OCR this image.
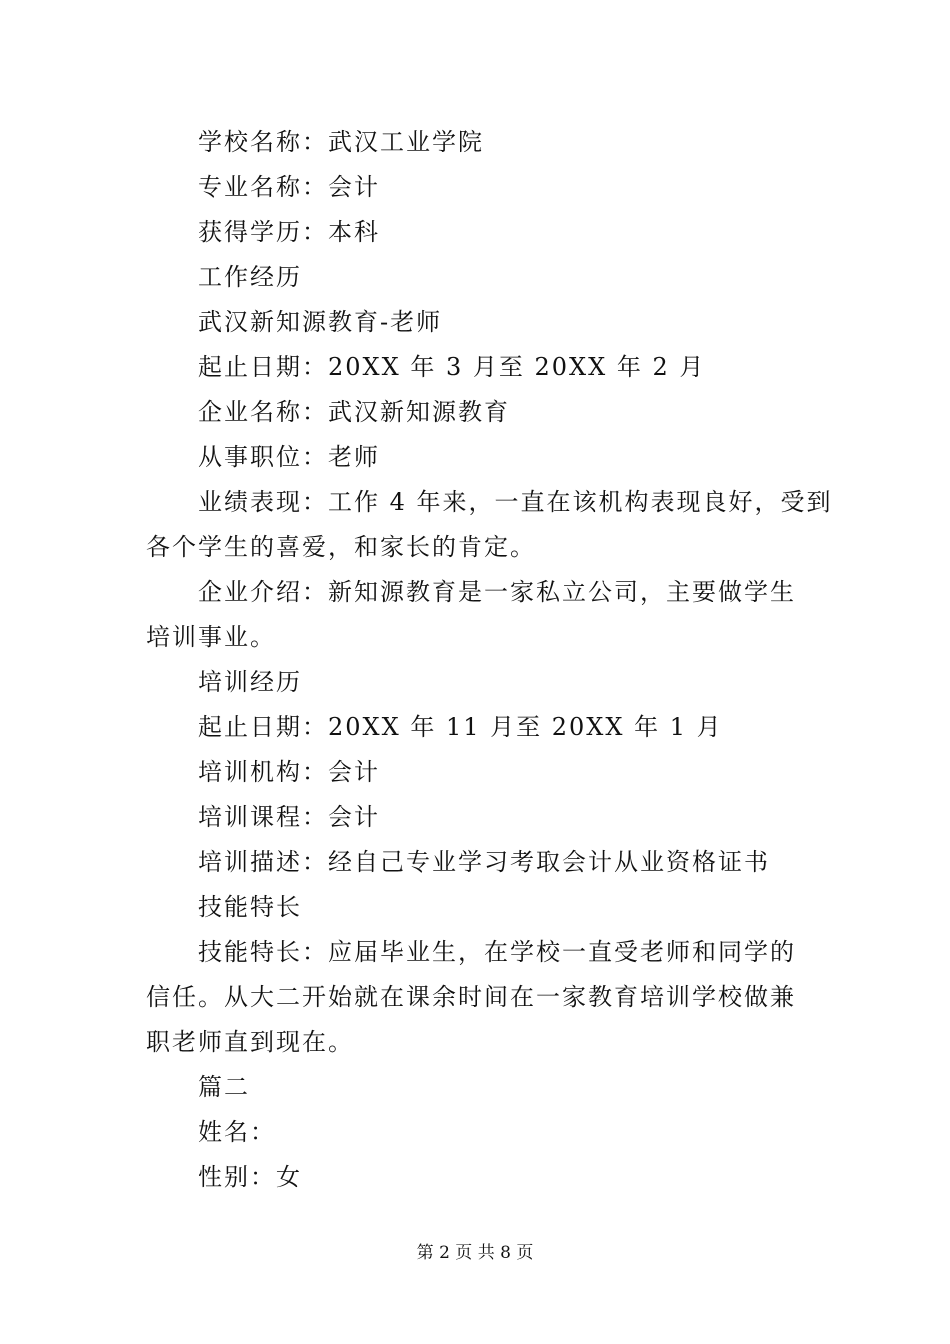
学校名称：武汉工业学院
专业名称：会计
获得学历：本科
工作经历
武汉新知源教育-老师
起止日期：20XX 年 3 月至 20XX 年 2 月
企业名称：武汉新知源教育
从事职位：老师
业绩表现：工作 4 年来，一直在该机构表现良好，受到
各个学生的喜爱，和家长的肯定。
企业介绍：新知源教育是一家私立公司，主要做学生
培训事业。
培训经历
起止日期：20XX 年 11 月至 20XX 年 1 月
培训机构：会计
培训课程：会计
培训描述：经自己专业学习考取会计从业资格证书
技能特长
技能特长：应届毕业生，在学校一直受老师和同学的
信任。从大二开始就在课余时间在一家教育培训学校做兼
职老师直到现在。
篇二
姓名：
性别：女
第 2 页 共 8 页
